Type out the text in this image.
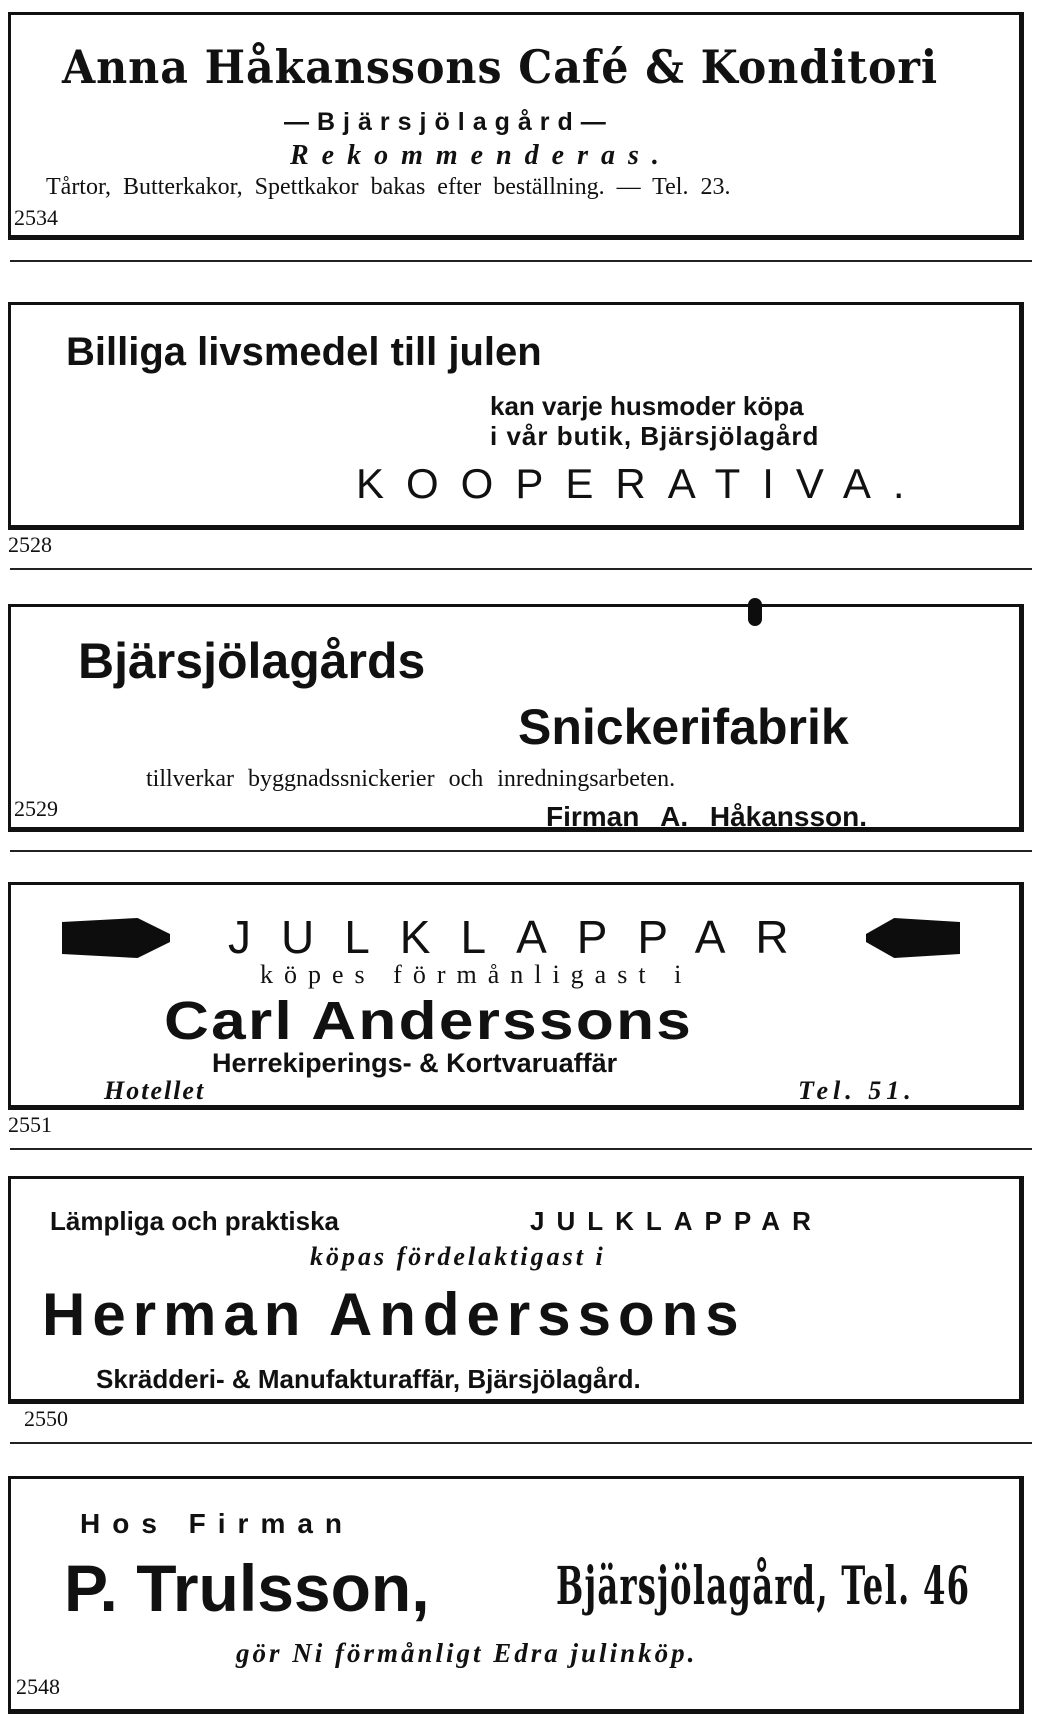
Anna Håkanssons Café & Konditori
—Bjärsjölagård—
Rekommenderas.
Tårtor, Butterkakor, Spettkakor bakas efter beställning. — Tel. 23.
2534
Billiga livsmedel till julen
kan varje husmoder köpa
i vår butik, Bjärsjölagård
KOOPERATIVA.
2528
Bjärsjölagårds
Snickerifabrik
tillverkar byggnadssnickerier och inredningsarbeten.
Firman A. Håkansson.
2529
JULKLAPPAR
köpes förmånligast i
Carl Anderssons
Herrekiperings- & Kortvaruaffär
Hotellet	Tel. 51.
2551
Lämpliga och praktiska	JULKLAPPAR
köpas fördelaktigast i
Herman Anderssons
Skrädderi- & Manufakturaffär, Bjärsjölagård.
2550
Hos Firman
P. Trulsson, Bjärsjölagård, Tel. 46
gör Ni förmånligt Edra julinköp.
2548
